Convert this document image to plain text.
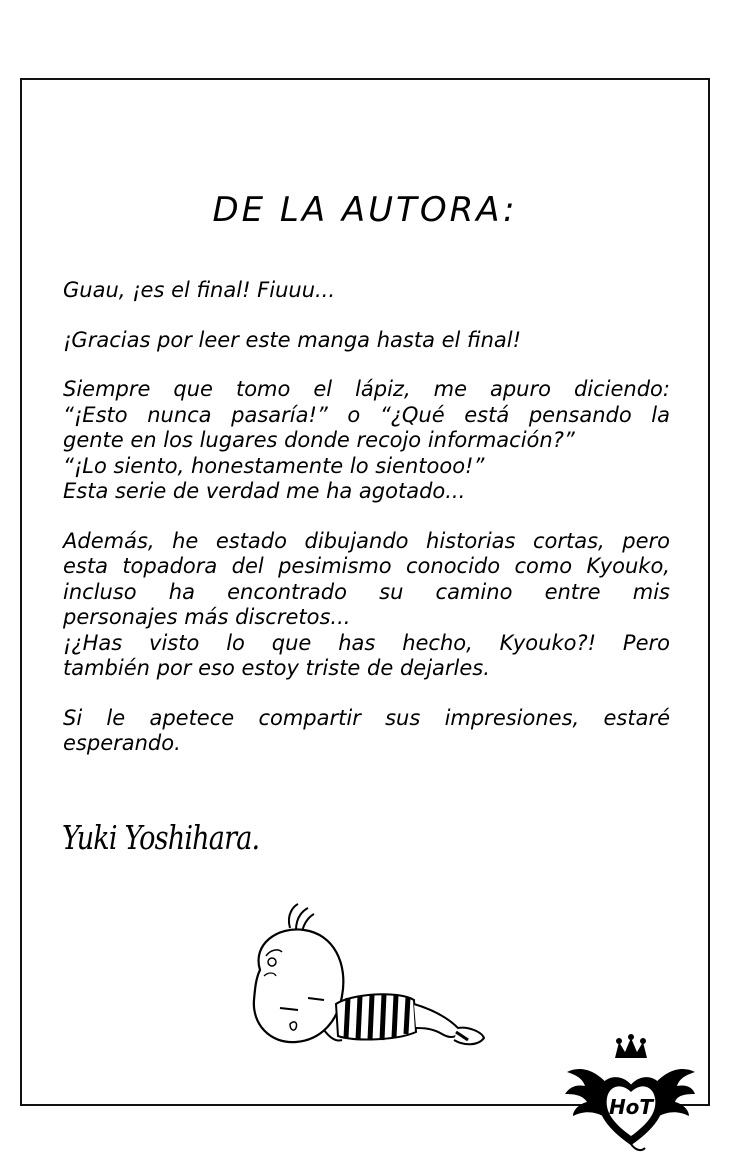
DE LA AUTORA:

Guau, ¡es el final! Fiuuu...

¡Gracias por leer este manga hasta el final!

Siempre que tomo el lápiz, me apuro diciendo:
“¡Esto nunca pasaría!” o “¿Qué está pensando la
gente en los lugares donde recojo información?”
“¡Lo siento, honestamente lo sientooo!”
Esta serie de verdad me ha agotado...

Además, he estado dibujando historias cortas, pero
esta topadora del pesimismo conocido como Kyouko,
incluso ha encontrado su camino entre mis
personajes más discretos...
¡¿Has visto lo que has hecho, Kyouko?! Pero
también por eso estoy triste de dejarles.

Si le apetece compartir sus impresiones, estaré
esperando.

Yuki Yoshihara.
HoT
